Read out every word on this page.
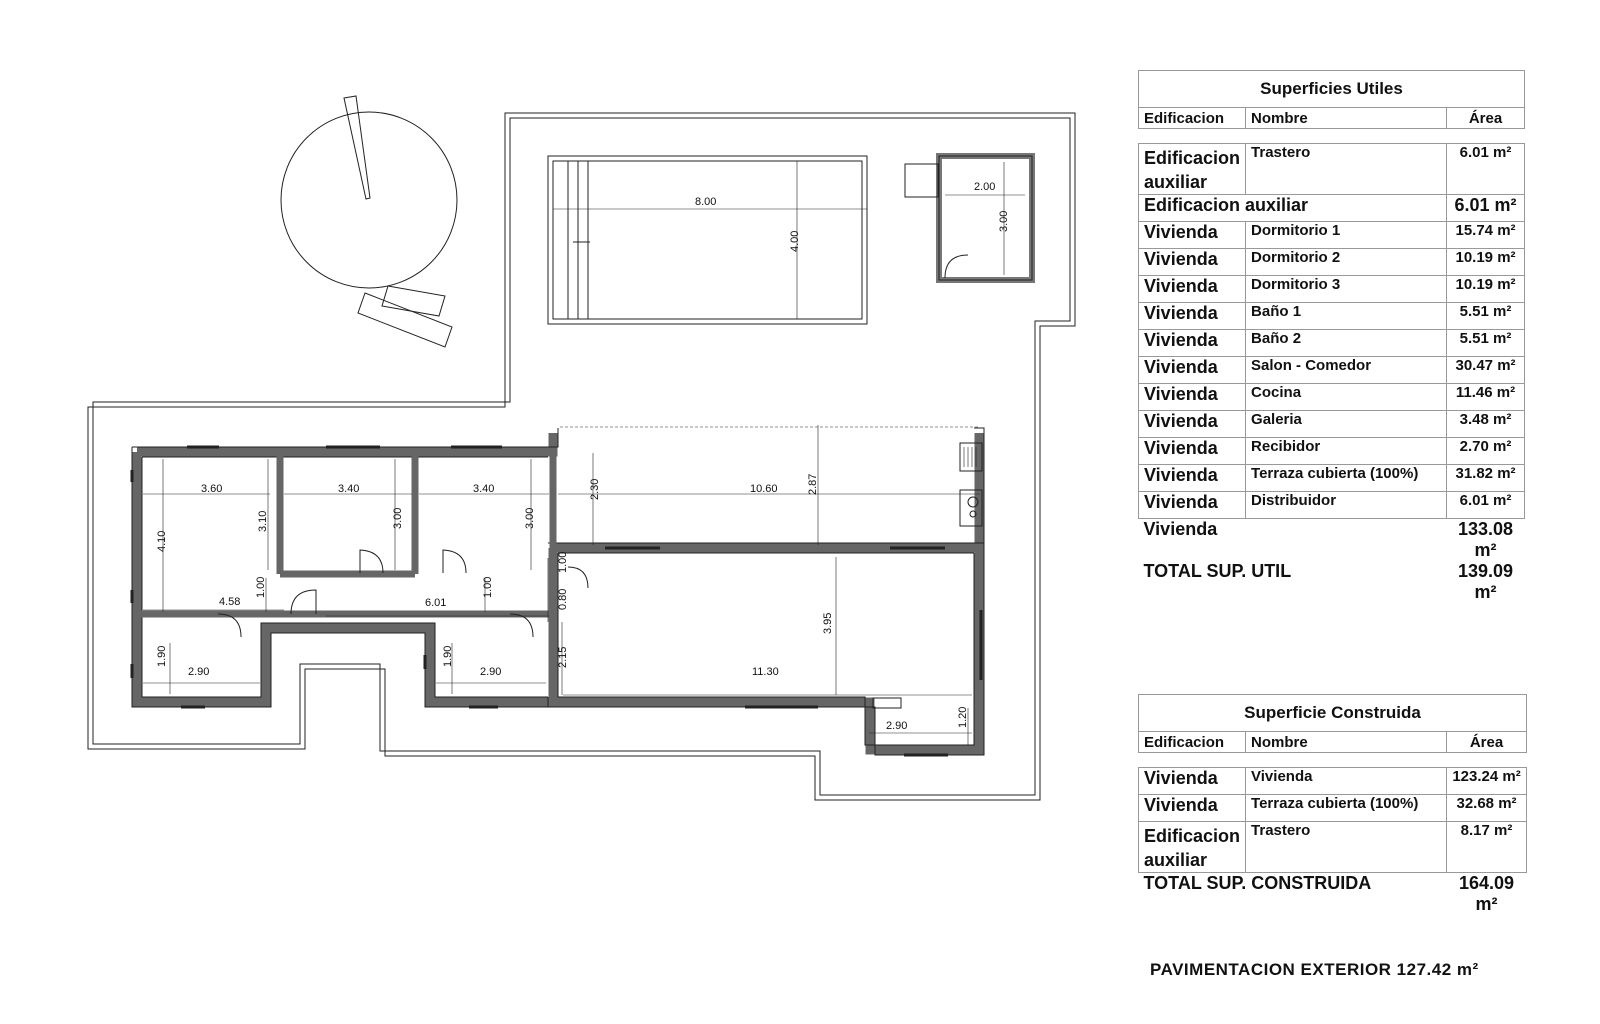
8.00
4.00
2.00
3.00
3.60
3.10
4.10
3.40
3.00
3.40
3.00
10.60	2.87
2.30
4.58
1.00
6.01
1.00
1.00
0.80
1.90
2.90
1.90
2.90	11.30
3.95
2.15
2.90	1.20
Superficies Utiles		
Edificacion	Nombre	Área

Edificacion auxiliar	Trastero	6.01 m²
Edificacion auxiliar		6.01 m²
Vivienda	Dormitorio 1	15.74 m²
Vivienda	Dormitorio 2	10.19 m²
Vivienda	Dormitorio 3	10.19 m²
Vivienda	Baño 1	5.51 m²
Vivienda	Baño 2	5.51 m²
Vivienda	Salon - Comedor	30.47 m²
Vivienda	Cocina	11.46 m²
Vivienda	Galeria	3.48 m²
Vivienda	Recibidor	2.70 m²
Vivienda	Terraza cubierta (100%)	31.82 m²
Vivienda	Distribuidor	6.01 m²
Vivienda		133.08 m²
TOTAL SUP. UTIL		139.09 m²
Superficie Construida		
Edificacion	Nombre	Área

Vivienda	Vivienda	123.24 m²
Vivienda	Terraza cubierta (100%)	32.68 m²
Edificacion auxiliar	Trastero	8.17 m²
TOTAL SUP. CONSTRUIDA		164.09 m²
PAVIMENTACION EXTERIOR 127.42 m²
